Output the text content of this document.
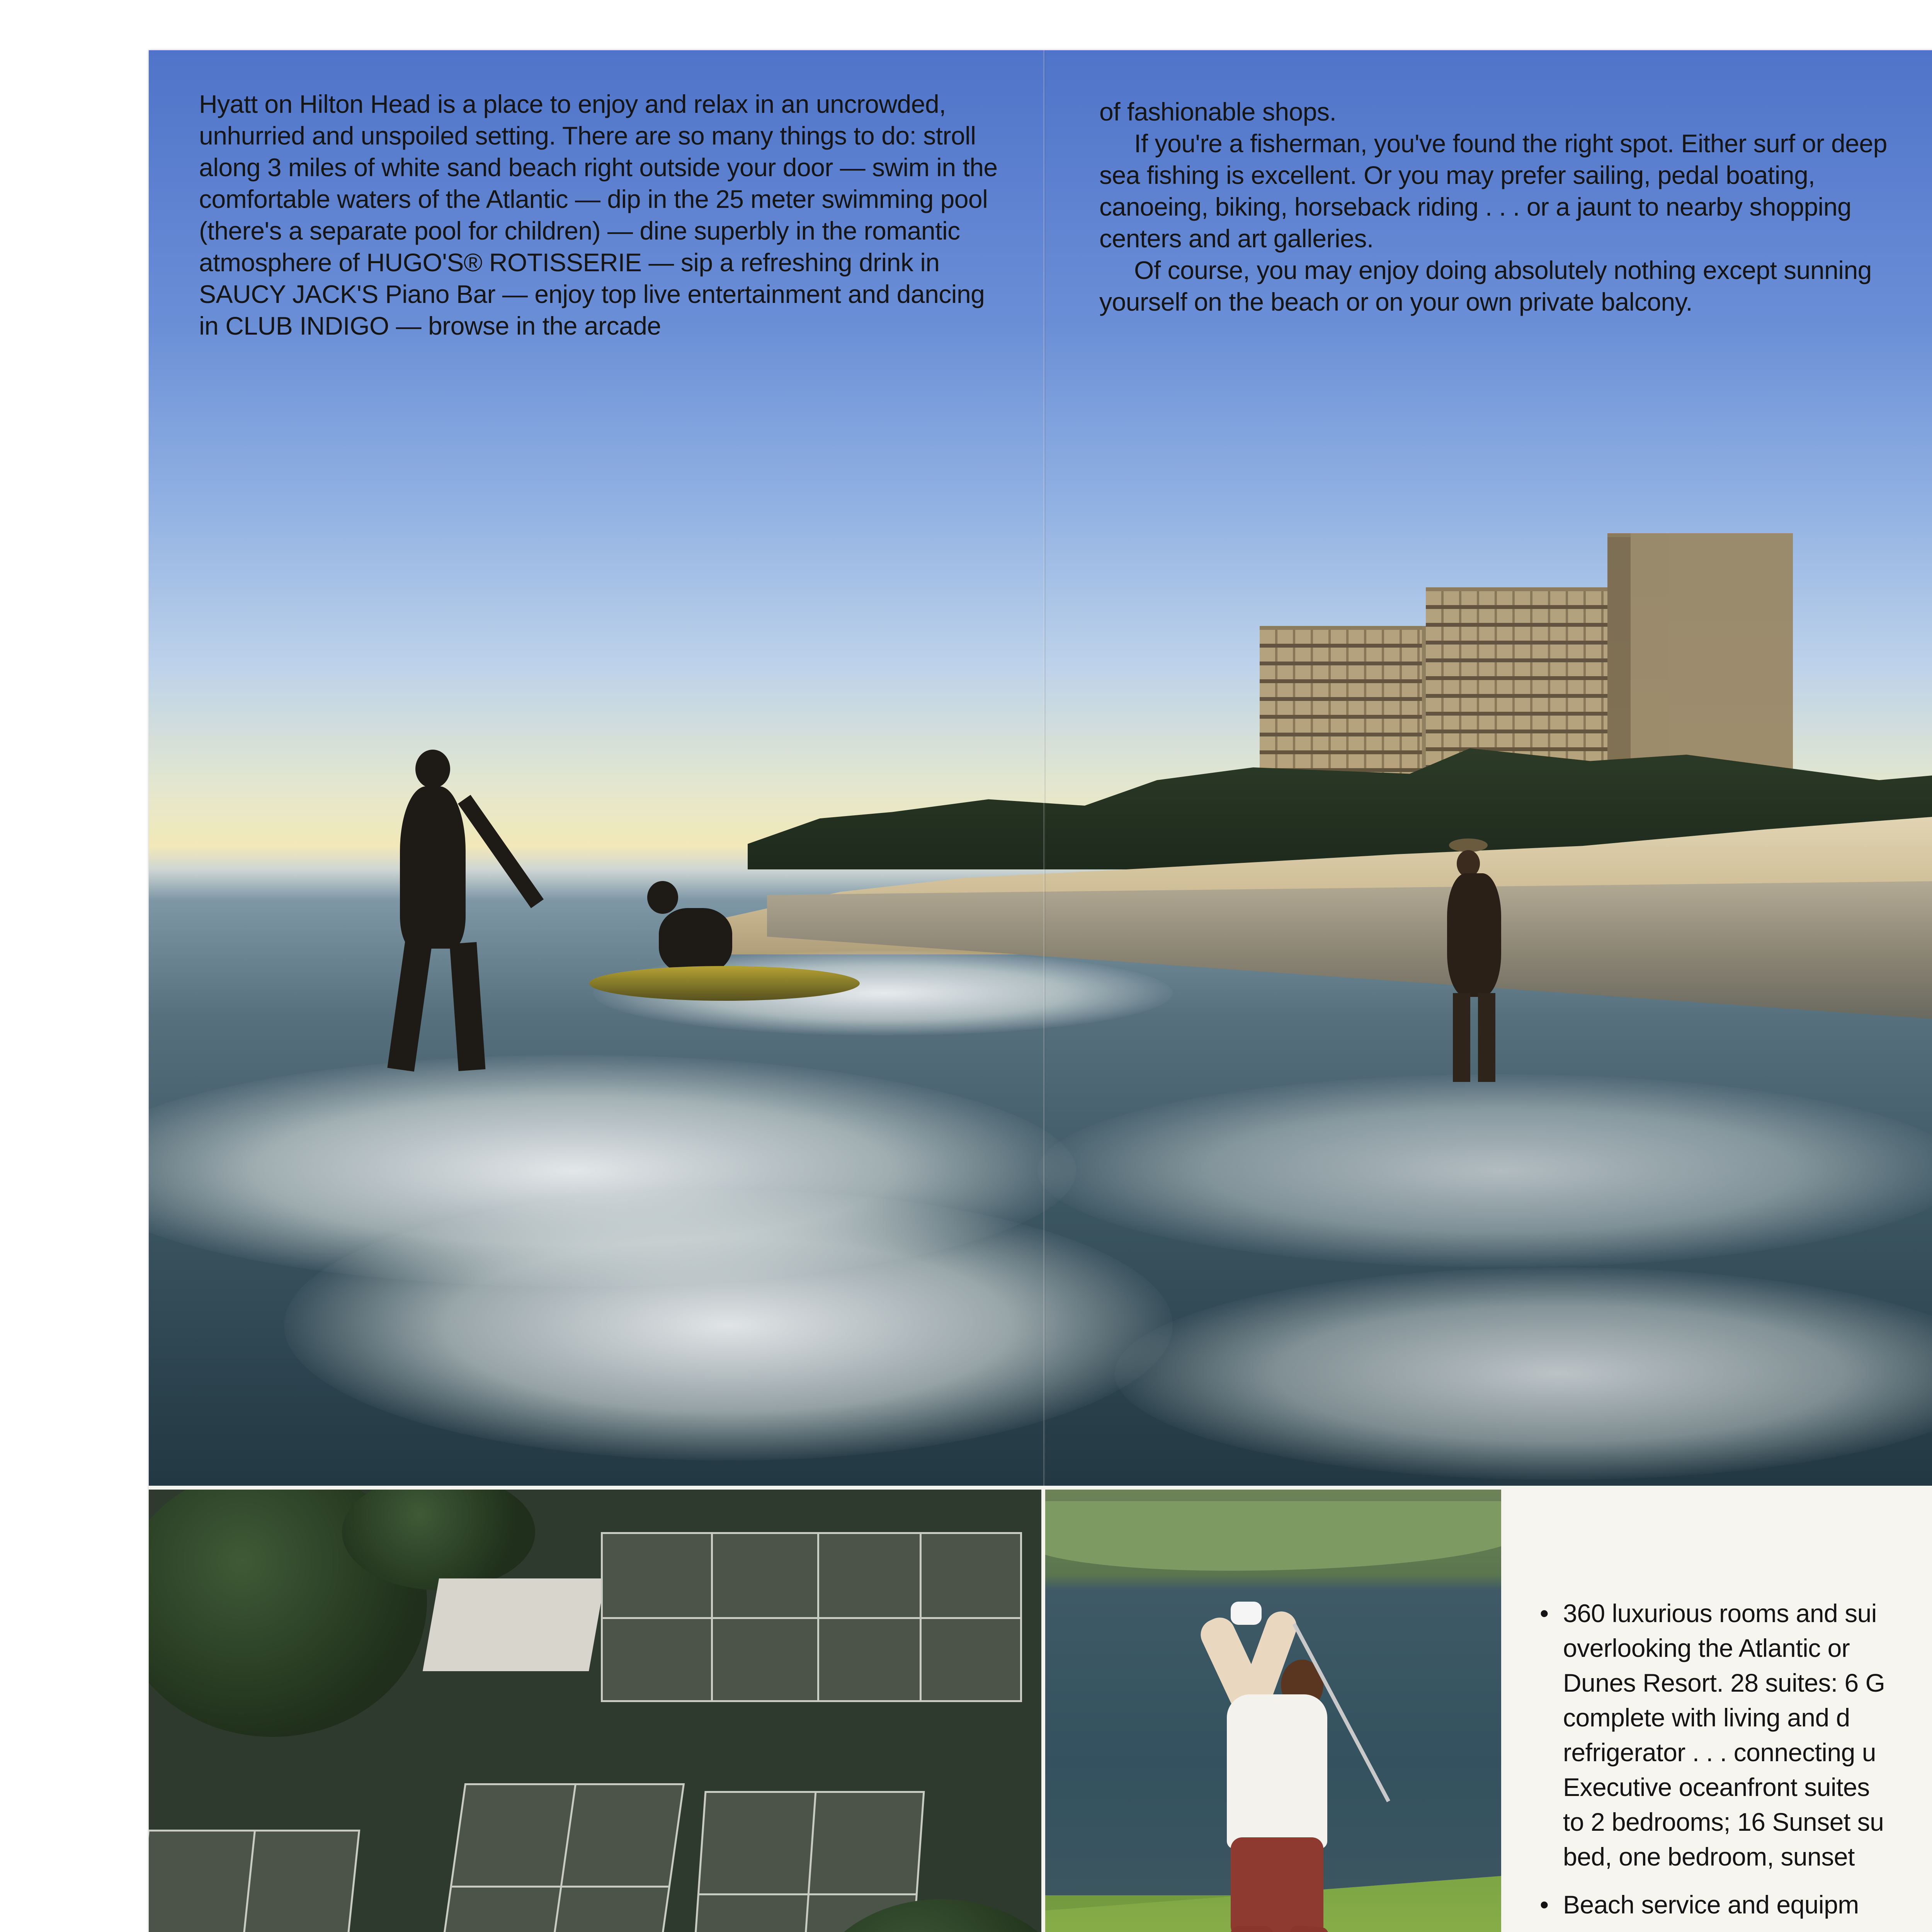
Hyatt on Hilton Head is a place to enjoy and relax in an uncrowded, unhurried and unspoiled setting. There are so many things to do: stroll along 3 miles of white sand beach right outside your door — swim in the comfortable waters of the Atlantic — dip in the 25 meter swimming pool (there's a separate pool for children) — dine superbly in the romantic atmosphere of HUGO'S® ROTISSERIE — sip a refreshing drink in SAUCY JACK'S Piano Bar — enjoy top live entertainment and dancing in CLUB INDIGO — browse in the arcade

of fashionable shops.

If you're a fisherman, you've found the right spot. Either surf or deep sea fishing is excellent. Or you may prefer sailing, pedal boating, canoeing, biking, horseback riding . . . or a jaunt to nearby shopping centers and art galleries.

Of course, you may enjoy doing absolutely nothing except sunning yourself on the beach or on your own private balcony.

• 360 luxurious rooms and sui
overlooking the Atlantic or
Dunes Resort. 28 suites: 6 G
complete with living and d
refrigerator . . . connecting u
Executive oceanfront suites
to 2 bedrooms; 16 Sunset su
bed, one bedroom, sunset
• Beach service and equipm
